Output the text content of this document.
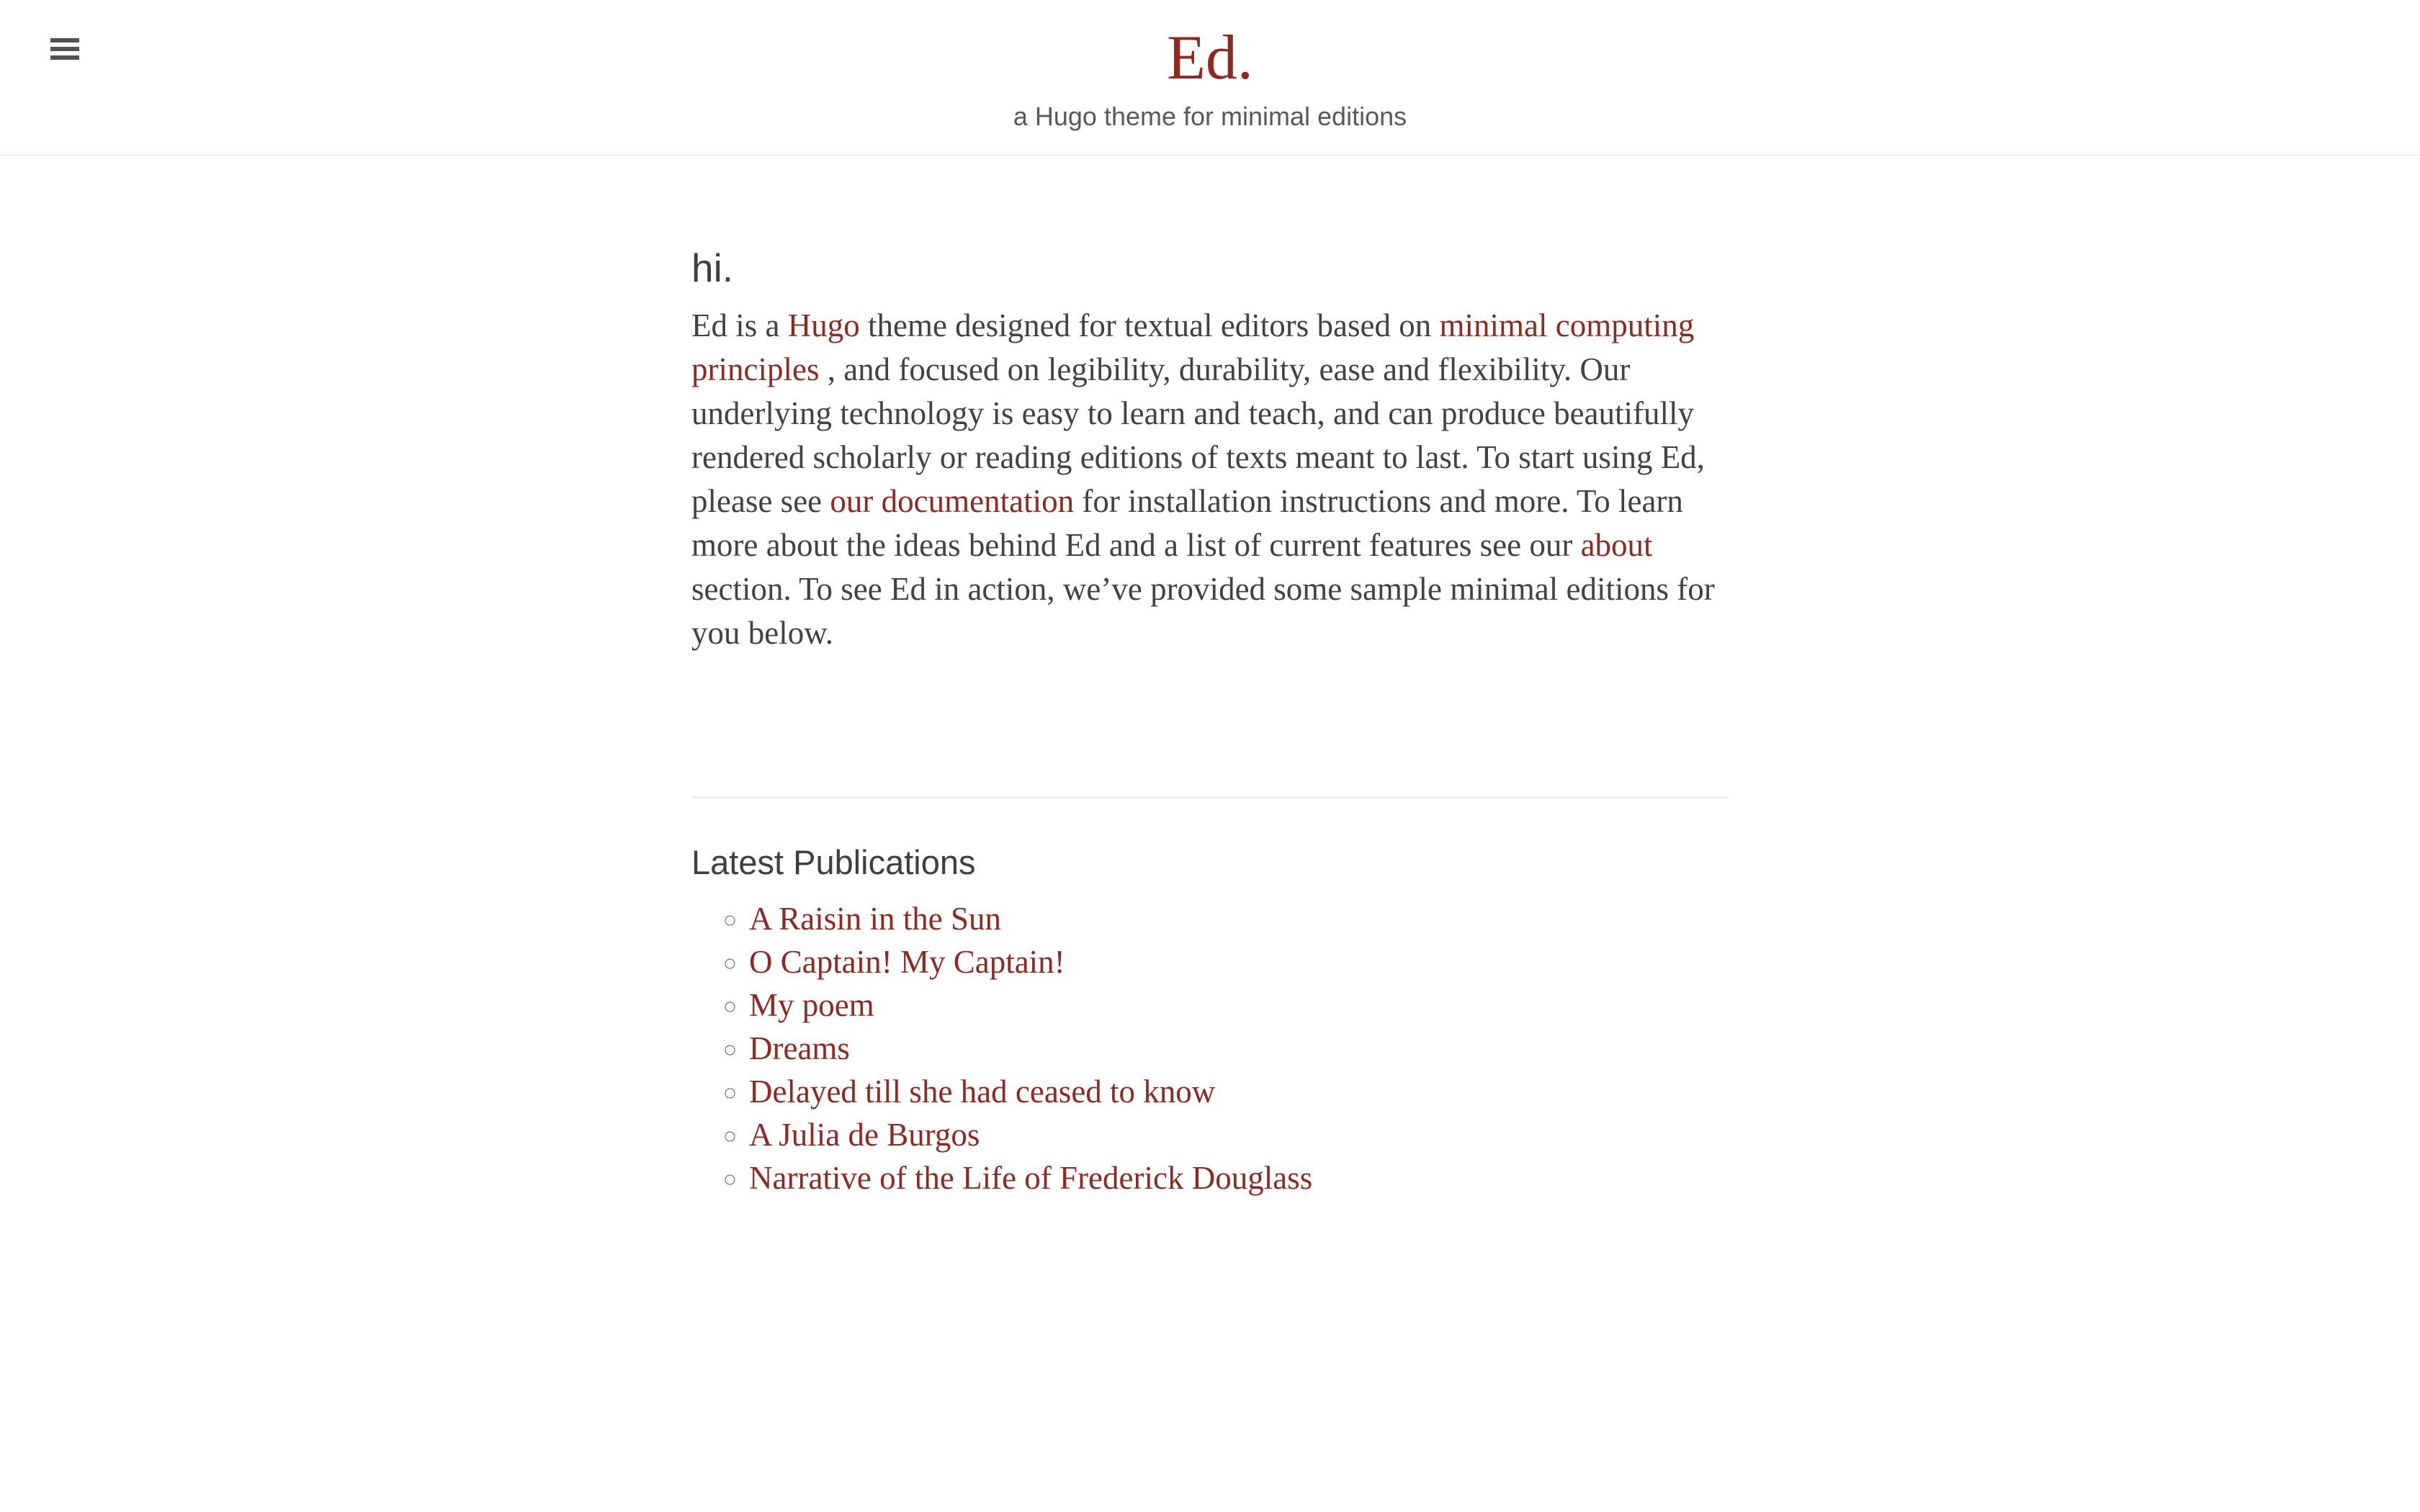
Ed.
a Hugo theme for minimal editions
hi.
Ed is a Hugo theme designed for textual editors based on minimal computing
principles , and focused on legibility, durability, ease and flexibility. Our
underlying technology is easy to learn and teach, and can produce beautifully
rendered scholarly or reading editions of texts meant to last. To start using Ed,
please see our documentation for installation instructions and more. To learn
more about the ideas behind Ed and a list of current features see our about
section. To see Ed in action, we’ve provided some sample minimal editions for
you below.
Latest Publications
◦ A Raisin in the Sun
◦ O Captain! My Captain!
◦ My poem
◦ Dreams
◦ Delayed till she had ceased to know
◦ A Julia de Burgos
◦ Narrative of the Life of Frederick Douglass
